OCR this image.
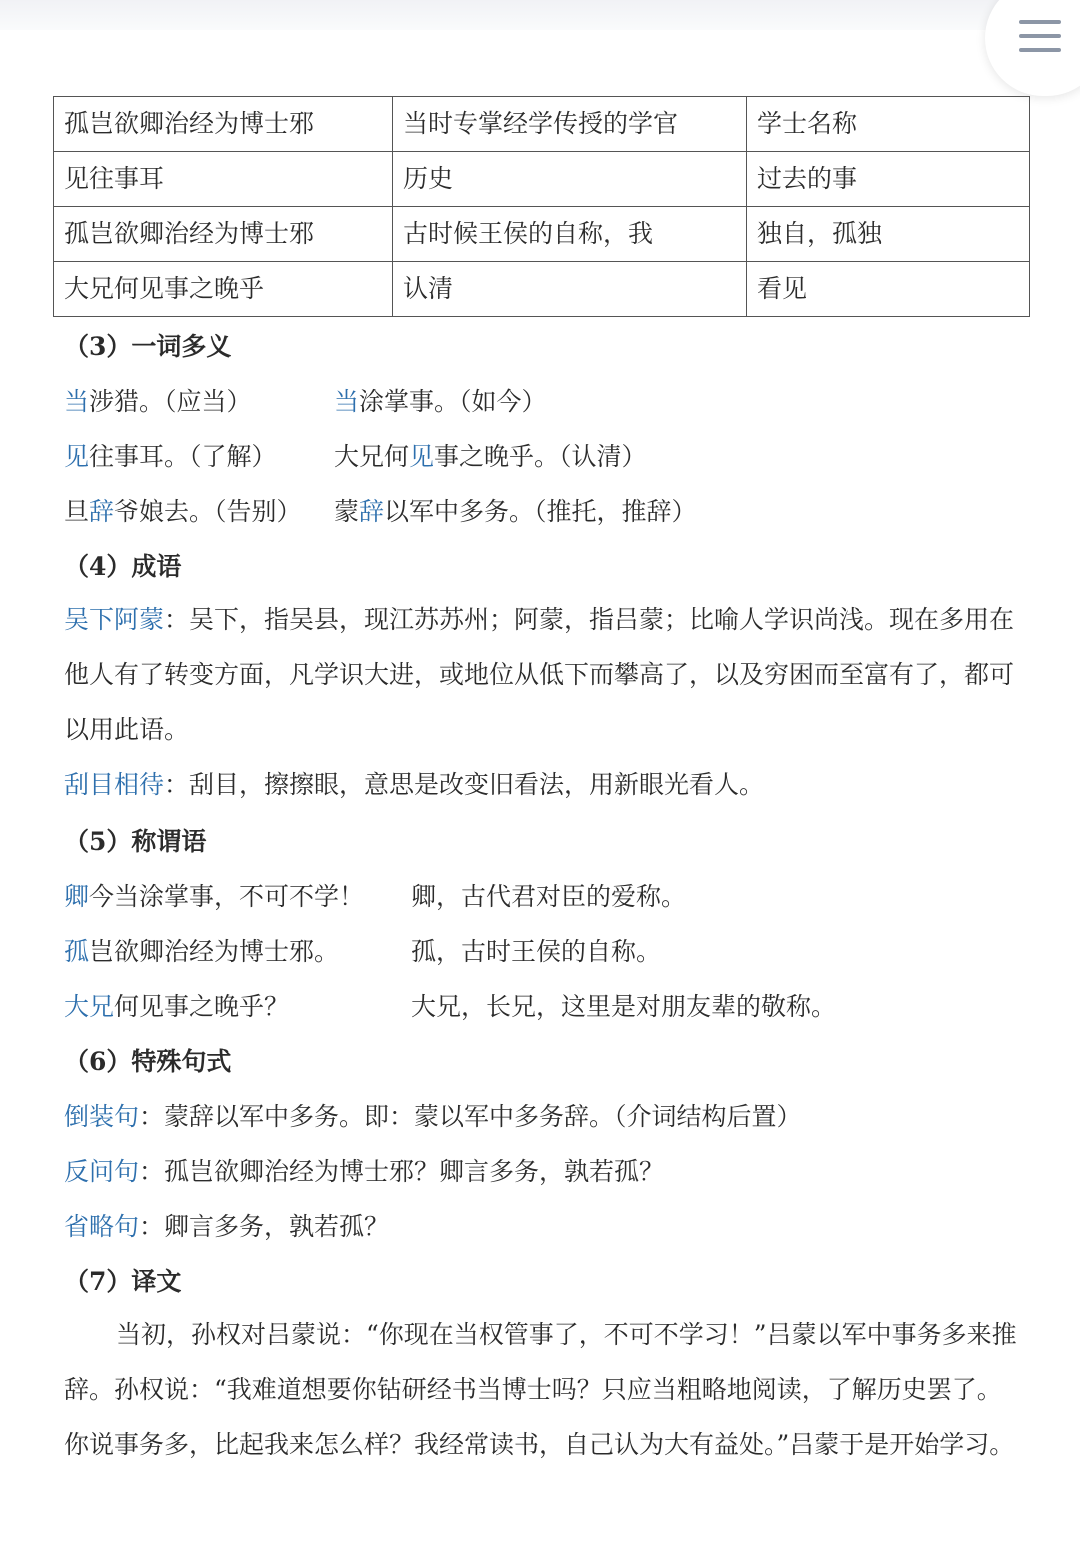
孤岂欲卿治经为博士邪	当时专掌经学传授的学官	学士名称
见往事耳	历史	过去的事
孤岂欲卿治经为博士邪	古时候王侯的自称，我	独自，孤独
大兄何见事之晚乎	认清	看见
（3）一词多义
当涉猎。（应当）	当涂掌事。（如今）
见往事耳。（了解） 大兄何见事之晚乎。（认清）
旦辞爷娘去。（告别） 蒙辞以军中多务。（推托，推辞）
（4）成语
吴下阿蒙：吴下，指吴县，现江苏苏州；阿蒙，指吕蒙；比喻人学识尚浅。现在多用在他人有了转变方面，凡学识大进，或地位从低下而攀高了，以及穷困而至富有了，都可以用此语。
刮目相待：刮目，擦擦眼，意思是改变旧看法，用新眼光看人。
（5）称谓语
卿今当涂掌事，不可不学！ 卿，古代君对臣的爱称。
孤岂欲卿治经为博士邪。	孤，古时王侯的自称。
大兄何见事之晚乎？	大兄，长兄，这里是对朋友辈的敬称。
（6）特殊句式
倒装句 ：蒙辞以军中多务。即：蒙以军中多务辞。（介词结构后置）
反问句 ：孤岂欲卿治经为博士邪？卿言多务，孰若孤？
省略句 ：卿言多务，孰若孤？
（7）译文
当初，孙权对吕蒙说：“你现在当权管事了，不可不学习！”吕蒙以军中事务多来推辞。孙权说：“我难道想要你钻研经书当博士吗？只应当粗略地阅读，了解历史罢了。你说事务多，比起我来怎么样？我经常读书，自己认为大有益处。”吕蒙于是开始学习。
